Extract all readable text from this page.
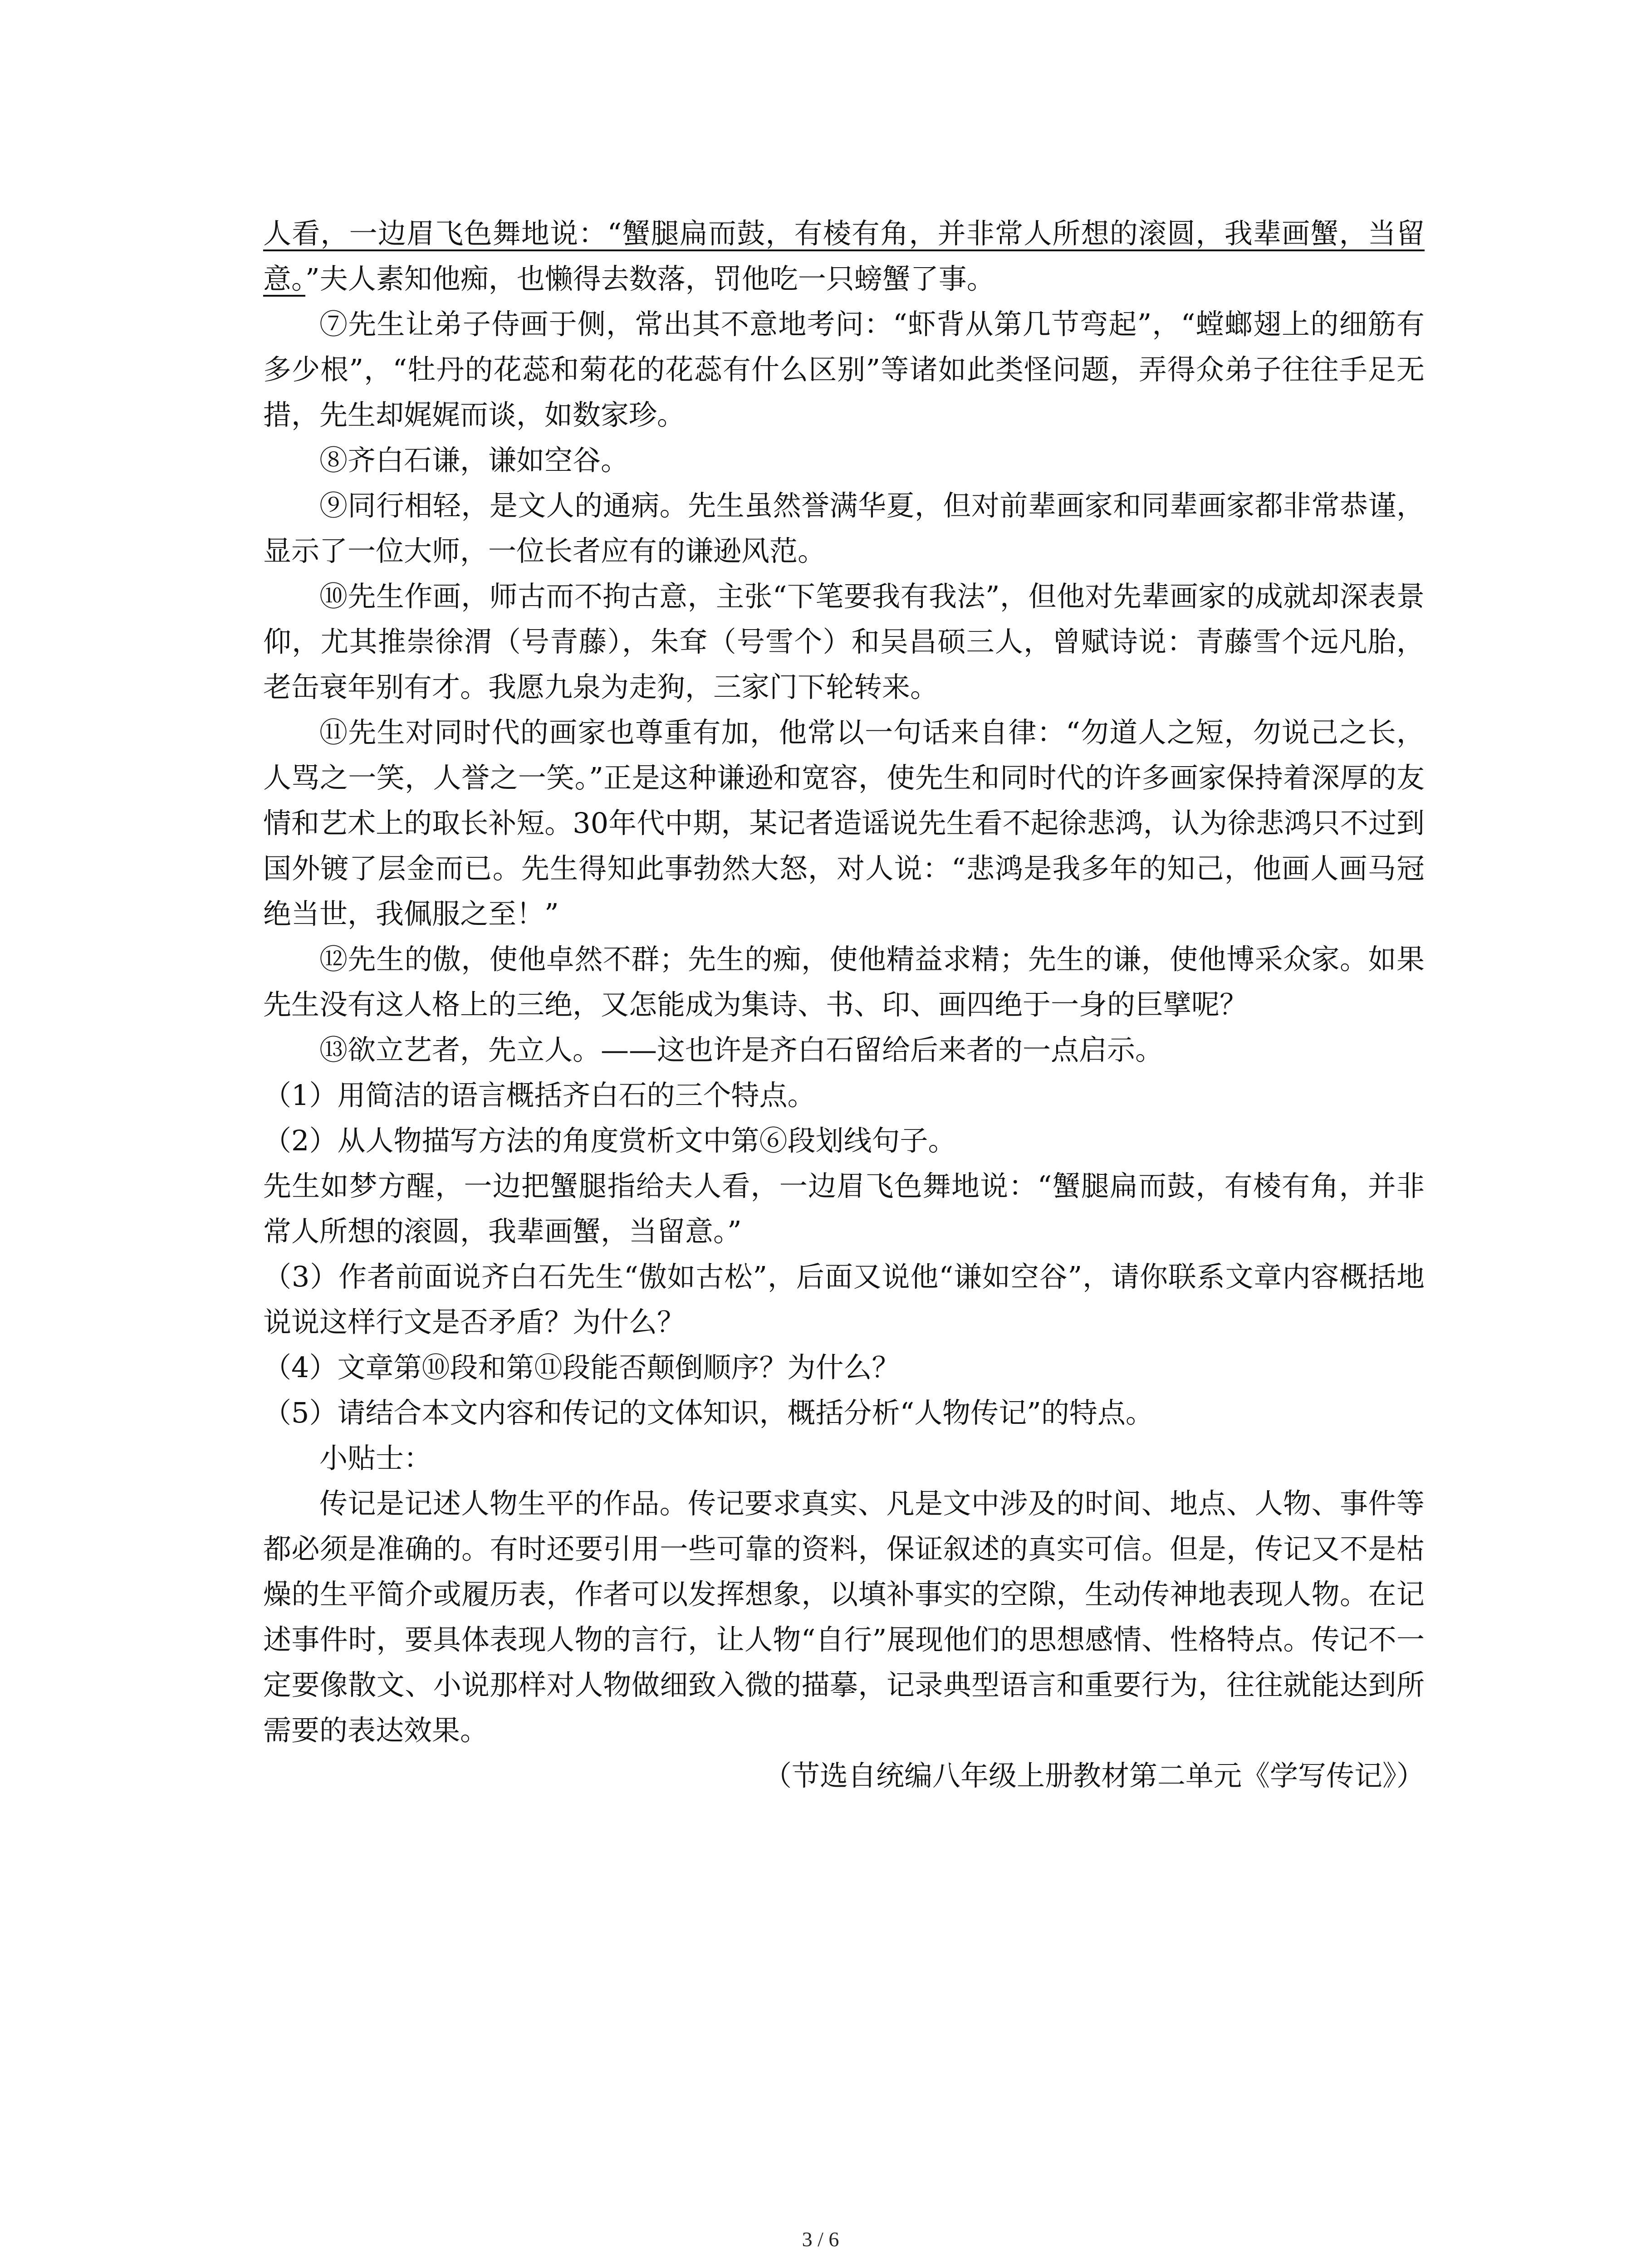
人看，一边眉飞色舞地说：“蟹腿扁而鼓，有棱有角，并非常人所想的滚圆，我辈画蟹，当留意。”夫人素知他痴，也懒得去数落，罚他吃一只螃蟹了事。

⑦先生让弟子侍画于侧，常出其不意地考问：“虾背从第几节弯起”，“螳螂翅上的细筋有多少根”，“牡丹的花蕊和菊花的花蕊有什么区别”等诸如此类怪问题，弄得众弟子往往手足无措，先生却娓娓而谈，如数家珍。

⑧齐白石谦，谦如空谷。

⑨同行相轻，是文人的通病。先生虽然誉满华夏，但对前辈画家和同辈画家都非常恭谨，显示了一位大师，一位长者应有的谦逊风范。

⑩先生作画，师古而不拘古意，主张“下笔要我有我法”，但他对先辈画家的成就却深表景仰，尤其推崇徐渭（号青藤），朱耷（号雪个）和吴昌硕三人，曾赋诗说：青藤雪个远凡胎，老缶衰年别有才。我愿九泉为走狗，三家门下轮转来。

⑪先生对同时代的画家也尊重有加，他常以一句话来自律：“勿道人之短，勿说己之长，人骂之一笑，人誉之一笑。”正是这种谦逊和宽容，使先生和同时代的许多画家保持着深厚的友情和艺术上的取长补短。30年代中期，某记者造谣说先生看不起徐悲鸿，认为徐悲鸿只不过到国外镀了层金而已。先生得知此事勃然大怒，对人说：“悲鸿是我多年的知己，他画人画马冠绝当世，我佩服之至！”

⑫先生的傲，使他卓然不群；先生的痴，使他精益求精；先生的谦，使他博采众家。如果先生没有这人格上的三绝，又怎能成为集诗、书、印、画四绝于一身的巨擘呢？

⑬欲立艺者，先立人。——这也许是齐白石留给后来者的一点启示。

（1）用简洁的语言概括齐白石的三个特点。

（2）从人物描写方法的角度赏析文中第⑥段划线句子。

先生如梦方醒，一边把蟹腿指给夫人看，一边眉飞色舞地说：“蟹腿扁而鼓，有棱有角，并非常人所想的滚圆，我辈画蟹，当留意。”

（3）作者前面说齐白石先生“傲如古松”，后面又说他“谦如空谷”，请你联系文章内容概括地说说这样行文是否矛盾？为什么？

（4）文章第⑩段和第⑪段能否颠倒顺序？为什么？

（5）请结合本文内容和传记的文体知识，概括分析“人物传记”的特点。

小贴士：

传记是记述人物生平的作品。传记要求真实、凡是文中涉及的时间、地点、人物、事件等都必须是准确的。有时还要引用一些可靠的资料，保证叙述的真实可信。但是，传记又不是枯燥的生平简介或履历表，作者可以发挥想象，以填补事实的空隙，生动传神地表现人物。在记述事件时，要具体表现人物的言行，让人物“自行”展现他们的思想感情、性格特点。传记不一定要像散文、小说那样对人物做细致入微的描摹，记录典型语言和重要行为，往往就能达到所需要的表达效果。

（节选自统编八年级上册教材第二单元《学写传记》）

3 / 6
